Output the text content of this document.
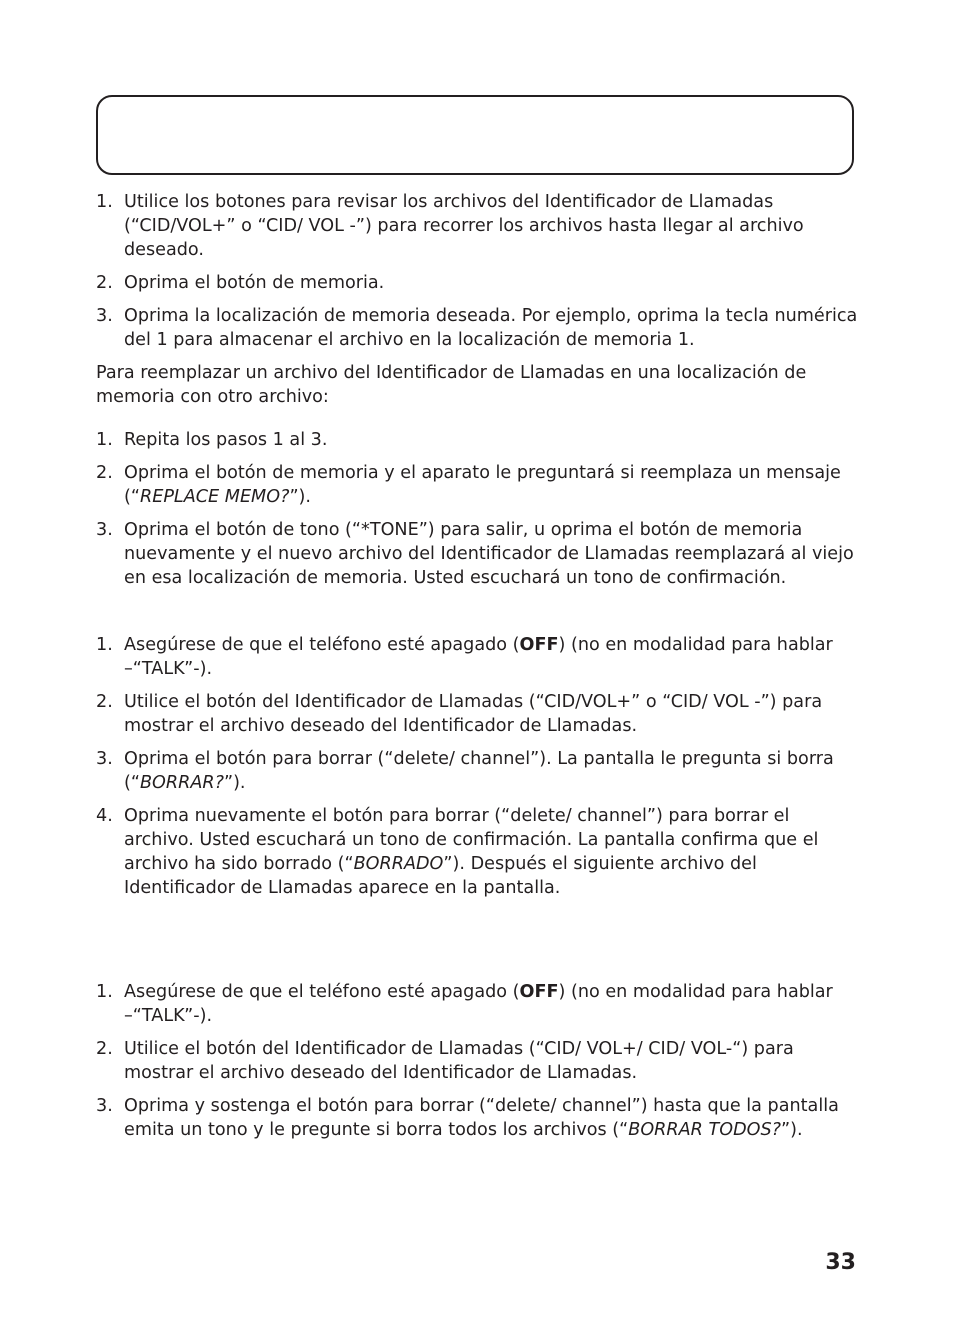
1. Utilice los botones para revisar los archivos del Identificador de Llamadas (“CID/VOL+” o “CID/ VOL -”) para recorrer los archivos hasta llegar al archivo deseado.
2. Oprima el botón de memoria.
3. Oprima la localización de memoria deseada. Por ejemplo, oprima la tecla numérica del 1 para almacenar el archivo en la localización de memoria 1.

Para reemplazar un archivo del Identificador de Llamadas en una localización de memoria con otro archivo:

1. Repita los pasos 1 al 3.
2. Oprima el botón de memoria y el aparato le preguntará si reemplaza un mensaje (“REPLACE MEMO?”).
3. Oprima el botón de tono (“*TONE”) para salir, u oprima el botón de memoria nuevamente y el nuevo archivo del Identificador de Llamadas reemplazará al viejo en esa localización de memoria. Usted escuchará un tono de confirmación.
1. Asegúrese de que el teléfono esté apagado (OFF) (no en modalidad para hablar –“TALK”-).
2. Utilice el botón del Identificador de Llamadas (“CID/VOL+” o “CID/ VOL -”) para mostrar el archivo deseado del Identificador de Llamadas.
3. Oprima el botón para borrar (“delete/ channel”). La pantalla le pregunta si borra (“BORRAR?”).
4. Oprima nuevamente el botón para borrar (“delete/ channel”) para borrar el archivo. Usted escuchará un tono de confirmación. La pantalla confirma que el archivo ha sido borrado (“BORRADO”). Después el siguiente archivo del Identificador de Llamadas aparece en la pantalla.
1. Asegúrese de que el teléfono esté apagado (OFF) (no en modalidad para hablar –“TALK”-).
2. Utilice el botón del Identificador de Llamadas (“CID/ VOL+/ CID/ VOL-“) para mostrar el archivo deseado del Identificador de Llamadas.
3. Oprima y sostenga el botón para borrar (“delete/ channel”) hasta que la pantalla emita un tono y le pregunte si borra todos los archivos (“BORRAR TODOS?”).
33
